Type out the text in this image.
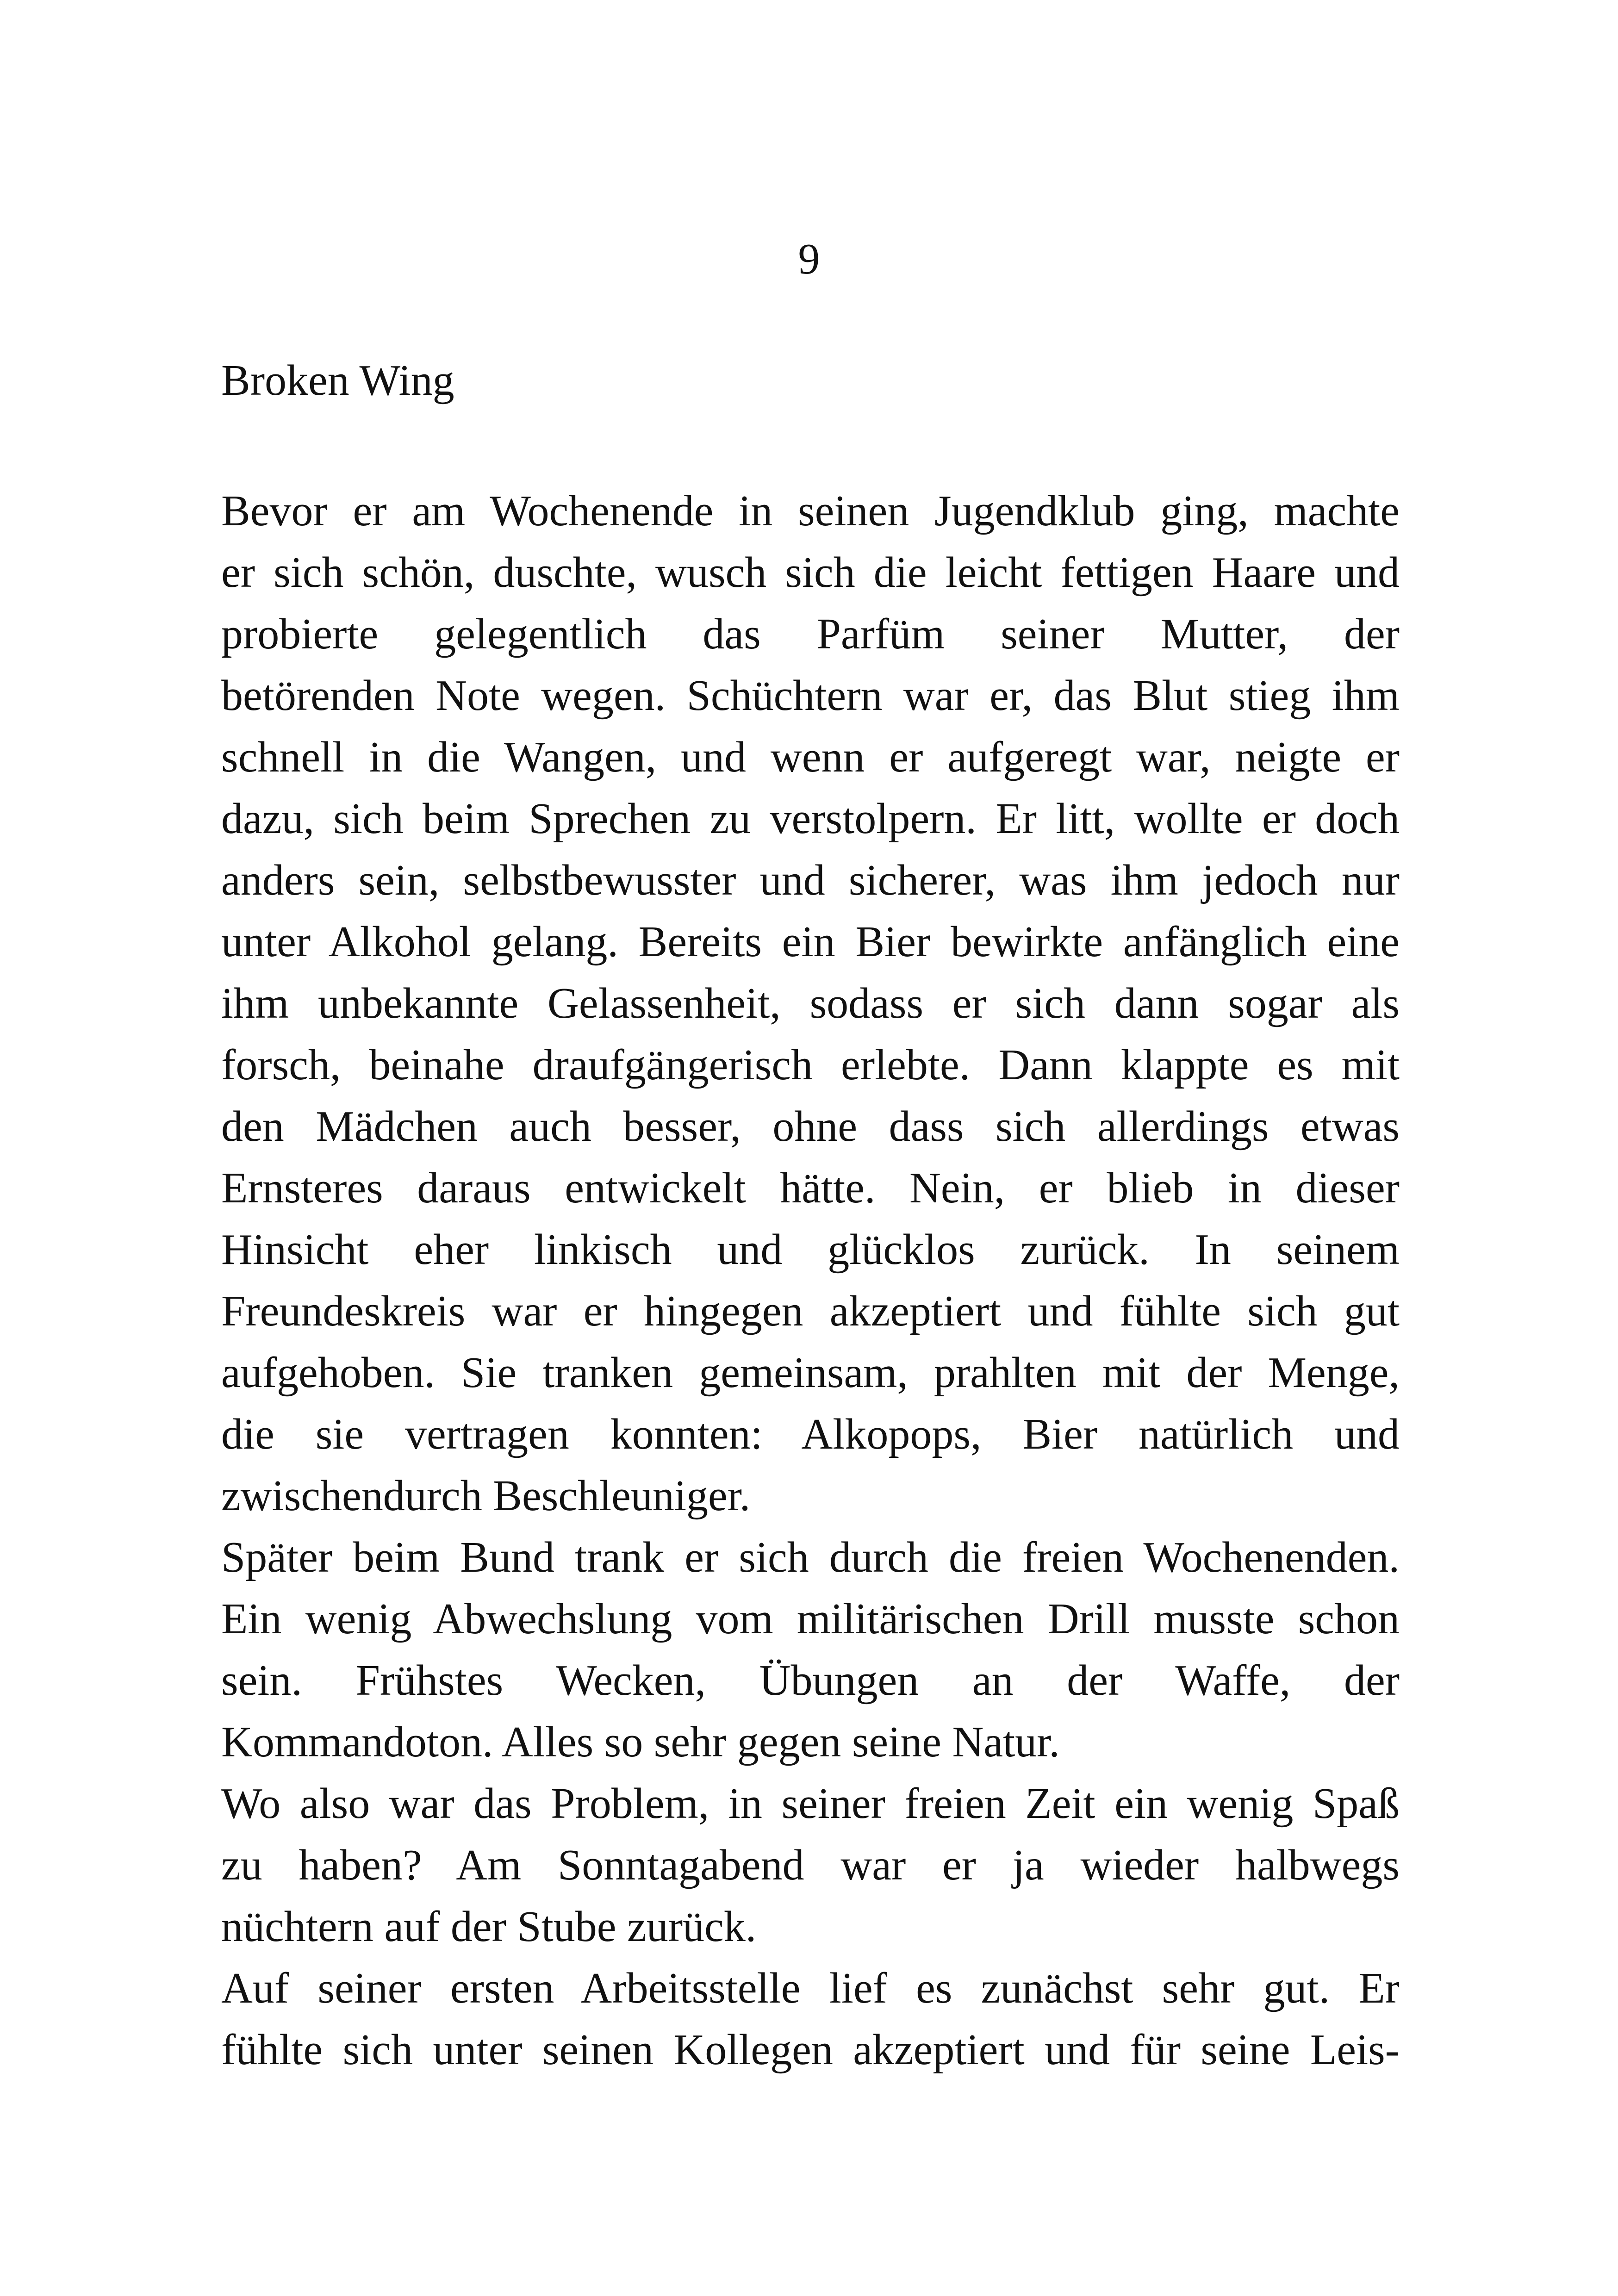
9
Broken Wing
Bevor er am Wochenende in seinen Jugendklub ging, machte
er sich schön, duschte, wusch sich die leicht fettigen Haare und
probierte gelegentlich das Parfüm seiner Mutter, der
betörenden Note wegen. Schüchtern war er, das Blut stieg ihm
schnell in die Wangen, und wenn er aufgeregt war, neigte er
dazu, sich beim Sprechen zu verstolpern. Er litt, wollte er doch
anders sein, selbstbewusster und sicherer, was ihm jedoch nur
unter Alkohol gelang. Bereits ein Bier bewirkte anfänglich eine
ihm unbekannte Gelassenheit, sodass er sich dann sogar als
forsch, beinahe draufgängerisch erlebte. Dann klappte es mit
den Mädchen auch besser, ohne dass sich allerdings etwas
Ernsteres daraus entwickelt hätte. Nein, er blieb in dieser
Hinsicht eher linkisch und glücklos zurück. In seinem
Freundeskreis war er hingegen akzeptiert und fühlte sich gut
aufgehoben. Sie tranken gemeinsam, prahlten mit der Menge,
die sie vertragen konnten: Alkopops, Bier natürlich und
zwischendurch Beschleuniger.
Später beim Bund trank er sich durch die freien Wochenenden.
Ein wenig Abwechslung vom militärischen Drill musste schon
sein. Frühstes Wecken, Übungen an der Waffe, der
Kommandoton. Alles so sehr gegen seine Natur.
Wo also war das Problem, in seiner freien Zeit ein wenig Spaß
zu haben? Am Sonntagabend war er ja wieder halbwegs
nüchtern auf der Stube zurück.
Auf seiner ersten Arbeitsstelle lief es zunächst sehr gut. Er
fühlte sich unter seinen Kollegen akzeptiert und für seine Leis-
